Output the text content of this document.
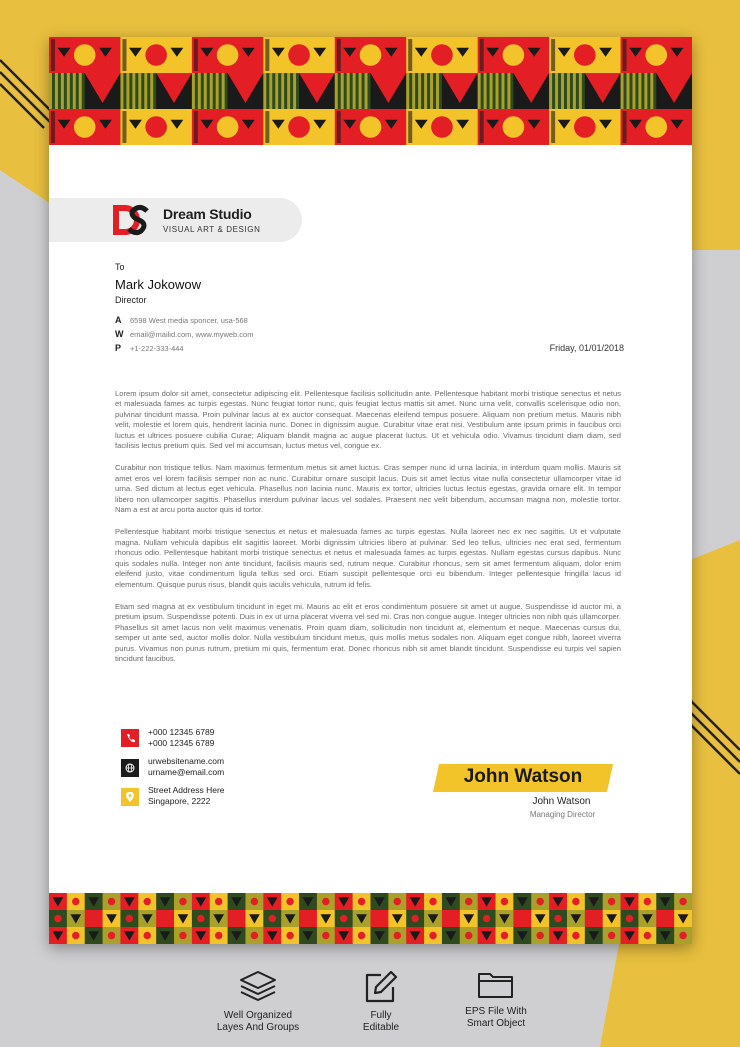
Dream Studio
VISUAL ART & DESIGN
To
Mark Jokowow
Director
A 6598 West media sponcer, usa-568
W email@mailid.com, www.myweb.com
P +1-222-333-444	Friday, 01/01/2018

Lorem ipsum dolor sit amet, consectetur adipiscing elit. Pellentesque facilisis sollicitudin ante. Pellentesque habitant morbi tristique senectus et netus et malesuada fames ac turpis egestas. Nunc feugiat tortor nunc, quis feugiat lectus mattis sit amet. Nunc urna velit, convallis scelerisque odio non, pulvinar tincidunt massa. Proin pulvinar lacus at ex auctor consequat. Maecenas eleifend tempus posuere. Aliquam non pretium metus. Mauris nibh velit, molestie et lorem quis, hendrerit lacinia nunc. Donec in dignissim augue. Curabitur vitae erat nisi. Vestibulum ante ipsum primis in faucibus orci luctus et ultrices posuere cubilia Curae; Aliquam blandit magna ac augue placerat luctus. Ut et vehicula odio. Vivamus tincidunt diam diam, sed facilisis lectus pretium quis. Sed vel mi accumsan, luctus metus vel, congue ex.

Curabitur non tristique tellus. Nam maximus fermentum metus sit amet luctus. Cras semper nunc id urna lacinia, in interdum quam mollis. Mauris sit amet eros vel lorem facilisis semper non ac nunc. Curabitur ornare suscipit lacus. Duis sit amet lectus vitae nulla consectetur ullamcorper vitae id urna. Sed dictum at lectus eget vehicula. Phasellus non lacinia nunc. Mauris ex tortor, ultricies luctus lectus egestas, gravida ornare elit. In tempor libero non ullamcorper sagittis. Phasellus interdum pulvinar lacus vel sodales. Praesent nec velit bibendum, accumsan magna non, molestie tortor. Nam a est at arcu porta auctor quis id tortor.

Pellentesque habitant morbi tristique senectus et netus et malesuada fames ac turpis egestas. Nulla laoreet nec ex nec sagittis. Ut et vulputate magna. Nullam vehicula dapibus elit sagittis laoreet. Morbi dignissim ultricies libero at pulvinar. Sed leo tellus, ultricies nec erat sed, fermentum rhoncus odio. Pellentesque habitant morbi tristique senectus et netus et malesuada fames ac turpis egestas. Nullam egestas cursus dapibus. Nunc quis sodales nulla. Integer non ante tincidunt, facilisis mauris sed, rutrum neque. Curabitur rhoncus, sem sit amet fermentum aliquam, dolor enim eleifend justo, vitae condimentum ligula tellus sed orci. Etiam suscipit pellentesque orci eu bibendum. Integer pellentesque fringilla lacus id elementum. Quisque purus risus, blandit quis iaculis vehicula, rutrum id felis.

Etiam sed magna at ex vestibulum tincidunt in eget mi. Mauris ac elit et eros condimentum posuere sit amet ut augue. Suspendisse id auctor mi, a pretium ipsum. Suspendisse potenti. Duis in ex ut urna placerat viverra vel sed mi. Cras non congue augue. Integer ultricies non nibh quis ullamcorper. Phasellus sit amet lacus non velit maximus venenatis. Proin quam diam, sollicitudin non tincidunt at, elementum et neque. Maecenas cursus dui, semper ut ante sed, auctor mollis dolor. Nulla vestibulum tincidunt metus, quis mollis metus sodales non. Aliquam eget congue nibh, laoreet viverra purus. Vivamus non purus rutrum, pretium mi quis, fermentum erat. Donec rhoncus nibh sit amet blandit tincidunt. Suspendisse eu turpis vel sapien tincidunt faucibus.

+000 12345 6789
+000 12345 6789
urwebsitename.com
urname@email.com
Street Address Here
Singapore, 2222
John Watson
John Watson
Managing Director
Well Organized
Layes And Groups
Fully
Editable
EPS File With
Smart Object
